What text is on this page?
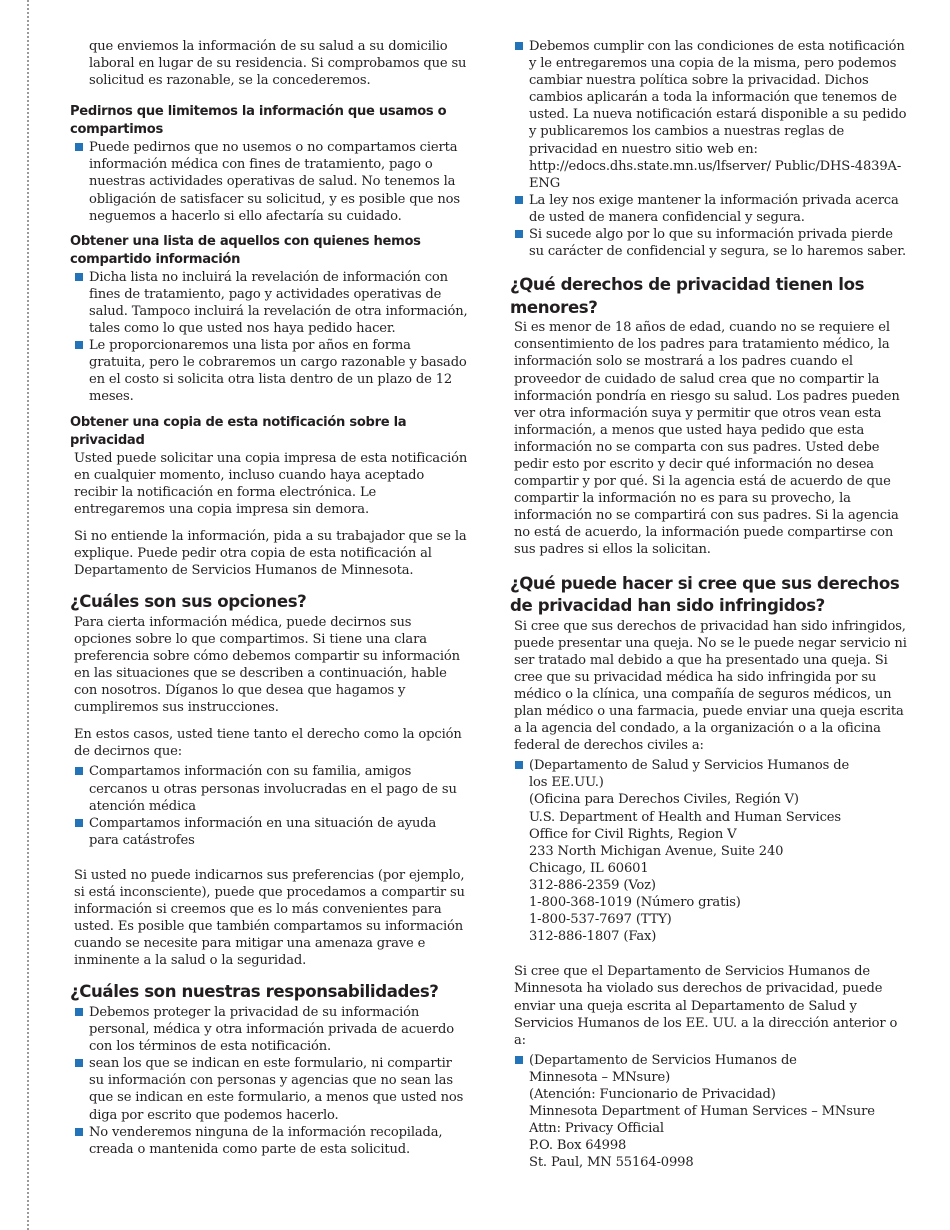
que enviemos la información de su salud a su domicilio laboral en lugar de su residencia. Si comprobamos que su solicitud es razonable, se la concederemos.

Pedirnos que limitemos la información que usamos o compartimos
Puede pedirnos que no usemos o no compartamos cierta información médica con fines de tratamiento, pago o nuestras actividades operativas de salud. No tenemos la obligación de satisfacer su solicitud, y es posible que nos neguemos a hacerlo si ello afectaría su cuidado.
Obtener una lista de aquellos con quienes hemos compartido información
Dicha lista no incluirá la revelación de información con fines de tratamiento, pago y actividades operativas de salud. Tampoco incluirá la revelación de otra información, tales como lo que usted nos haya pedido hacer.
Le proporcionaremos una lista por años en forma gratuita, pero le cobraremos un cargo razonable y basado en el costo si solicita otra lista dentro de un plazo de 12 meses.
Obtener una copia de esta notificación sobre la privacidad

Usted puede solicitar una copia impresa de esta notificación en cualquier momento, incluso cuando haya aceptado recibir la notificación en forma electrónica. Le entregaremos una copia impresa sin demora.

Si no entiende la información, pida a su trabajador que se la explique. Puede pedir otra copia de esta notificación al Departamento de Servicios Humanos de Minnesota.

¿Cuáles son sus opciones?

Para cierta información médica, puede decirnos sus opciones sobre lo que compartimos. Si tiene una clara preferencia sobre cómo debemos compartir su información en las situaciones que se describen a continuación, hable con nosotros. Díganos lo que desea que hagamos y cumpliremos sus instrucciones.

En estos casos, usted tiene tanto el derecho como la opción de decirnos que:

Compartamos información con su familia, amigos cercanos u otras personas involucradas en el pago de su atención médica
Compartamos información en una situación de ayuda para catástrofes

Si usted no puede indicarnos sus preferencias (por ejemplo, si está inconsciente), puede que procedamos a compartir su información si creemos que es lo más convenientes para usted. Es posible que también compartamos su información cuando se necesite para mitigar una amenaza grave e inminente a la salud o la seguridad.

¿Cuáles son nuestras responsabilidades?
Debemos proteger la privacidad de su información personal, médica y otra información privada de acuerdo con los términos de esta notificación.
sean los que se indican en este formulario, ni compartir su información con personas y agencias que no sean las que se indican en este formulario, a menos que usted nos diga por escrito que podemos hacerlo.
No venderemos ninguna de la información recopilada, creada o mantenida como parte de esta solicitud.
Debemos cumplir con las condiciones de esta notificación y le entregaremos una copia de la misma, pero podemos cambiar nuestra política sobre la privacidad. Dichos cambios aplicarán a toda la información que tenemos de usted. La nueva notificación estará disponible a su pedido y publicaremos los cambios a nuestras reglas de privacidad en nuestro sitio web en: http://edocs.dhs.state.mn.us/lfserver/ Public/DHS-4839A-ENG
La ley nos exige mantener la información privada acerca de usted de manera confidencial y segura.
Si sucede algo por lo que su información privada pierde su carácter de confidencial y segura, se lo haremos saber.
¿Qué derechos de privacidad tienen los menores?

Si es menor de 18 años de edad, cuando no se requiere el consentimiento de los padres para tratamiento médico, la información solo se mostrará a los padres cuando el proveedor de cuidado de salud crea que no compartir la información pondría en riesgo su salud. Los padres pueden ver otra información suya y permitir que otros vean esta información, a menos que usted haya pedido que esta información no se comparta con sus padres. Usted debe pedir esto por escrito y decir qué información no desea compartir y por qué. Si la agencia está de acuerdo de que compartir la información no es para su provecho, la información no se compartirá con sus padres. Si la agencia no está de acuerdo, la información puede compartirse con sus padres si ellos la solicitan.

¿Qué puede hacer si cree que sus derechos de privacidad han sido infringidos?

Si cree que sus derechos de privacidad han sido infringidos, puede presentar una queja. No se le puede negar servicio ni ser tratado mal debido a que ha presentado una queja. Si cree que su privacidad médica ha sido infringida por su médico o la clínica, una compañía de seguros médicos, un plan médico o una farmacia, puede enviar una queja escrita a la agencia del condado, a la organización o a la oficina federal de derechos civiles a:

(Departamento de Salud y Servicios Humanos de
los EE.UU.)
(Oficina para Derechos Civiles, Región V)
U.S. Department of Health and Human Services
Office for Civil Rights, Region V
233 North Michigan Avenue, Suite 240
Chicago, IL 60601
312-886-2359 (Voz)
1-800-368-1019 (Número gratis)
1-800-537-7697 (TTY)
312-886-1807 (Fax)

Si cree que el Departamento de Servicios Humanos de Minnesota ha violado sus derechos de privacidad, puede enviar una queja escrita al Departamento de Salud y Servicios Humanos de los EE. UU. a la dirección anterior o a:

(Departamento de Servicios Humanos de
Minnesota – MNsure)
(Atención: Funcionario de Privacidad)
Minnesota Department of Human Services – MNsure
Attn: Privacy Official
P.O. Box 64998
St. Paul, MN 55164-0998
